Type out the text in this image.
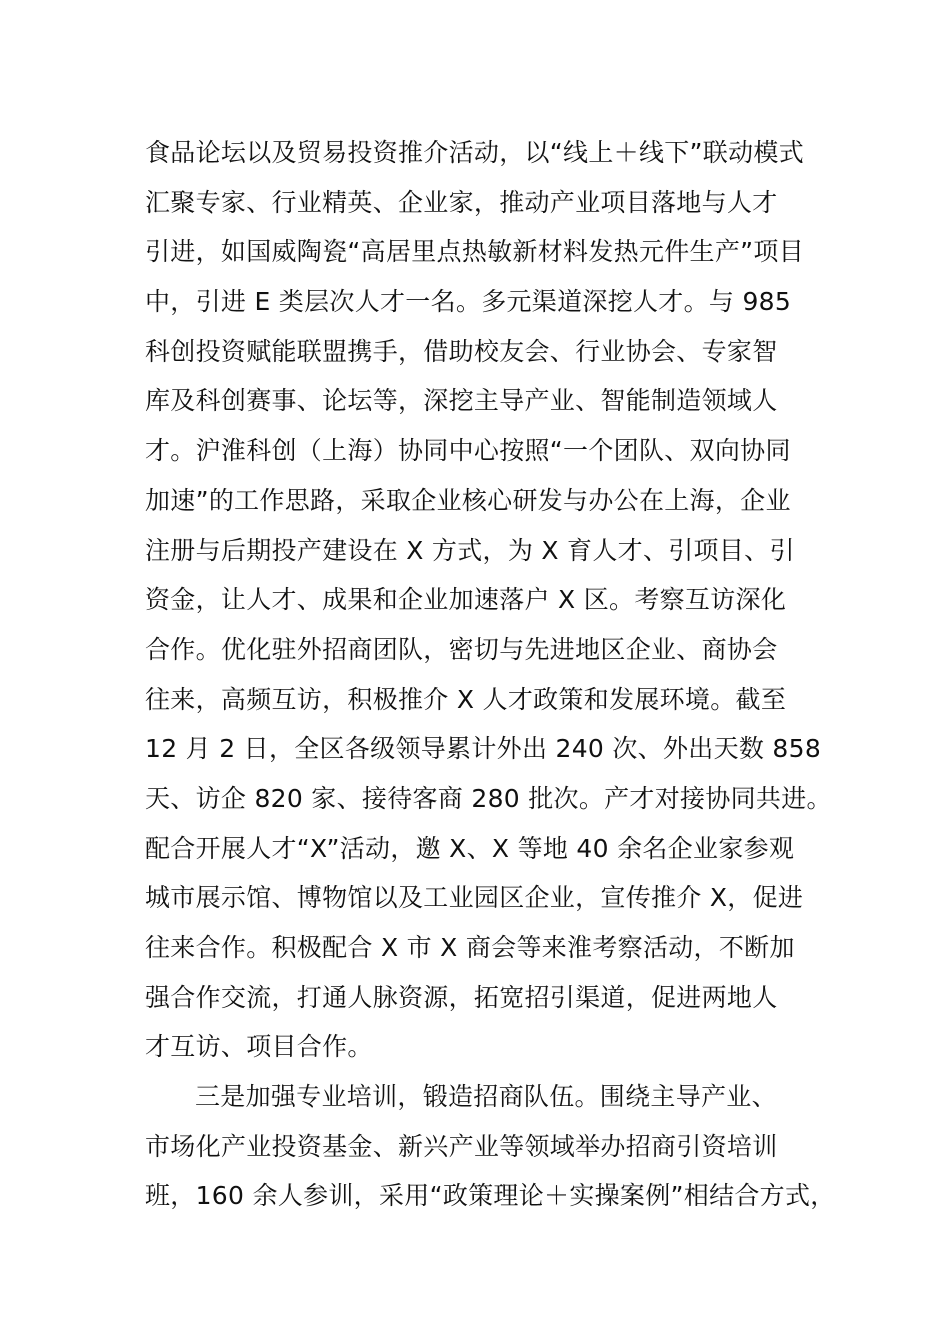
食品论坛以及贸易投资推介活动，以“线上＋线下”联动模式
汇聚专家、行业精英、企业家，推动产业项目落地与人才
引进，如国威陶瓷“高居里点热敏新材料发热元件生产”项目
中，引进 E 类层次人才一名。多元渠道深挖人才。与 985
科创投资赋能联盟携手，借助校友会、行业协会、专家智
库及科创赛事、论坛等，深挖主导产业、智能制造领域人
才。沪淮科创（上海）协同中心按照“一个团队、双向协同
加速”的工作思路，采取企业核心研发与办公在上海，企业
注册与后期投产建设在 X 方式，为 X 育人才、引项目、引
资金，让人才、成果和企业加速落户 X 区。考察互访深化
合作。优化驻外招商团队，密切与先进地区企业、商协会
往来，高频互访，积极推介 X 人才政策和发展环境。截至
12 月 2 日，全区各级领导累计外出 240 次、外出天数 858
天、访企 820 家、接待客商 280 批次。产才对接协同共进。
配合开展人才“X”活动，邀 X、X 等地 40 余名企业家参观
城市展示馆、博物馆以及工业园区企业，宣传推介 X，促进
往来合作。积极配合 X 市 X 商会等来淮考察活动，不断加
强合作交流，打通人脉资源，拓宽招引渠道，促进两地人
才互访、项目合作。
三是加强专业培训，锻造招商队伍。围绕主导产业、
市场化产业投资基金、新兴产业等领域举办招商引资培训
班，160 余人参训，采用“政策理论＋实操案例”相结合方式，
